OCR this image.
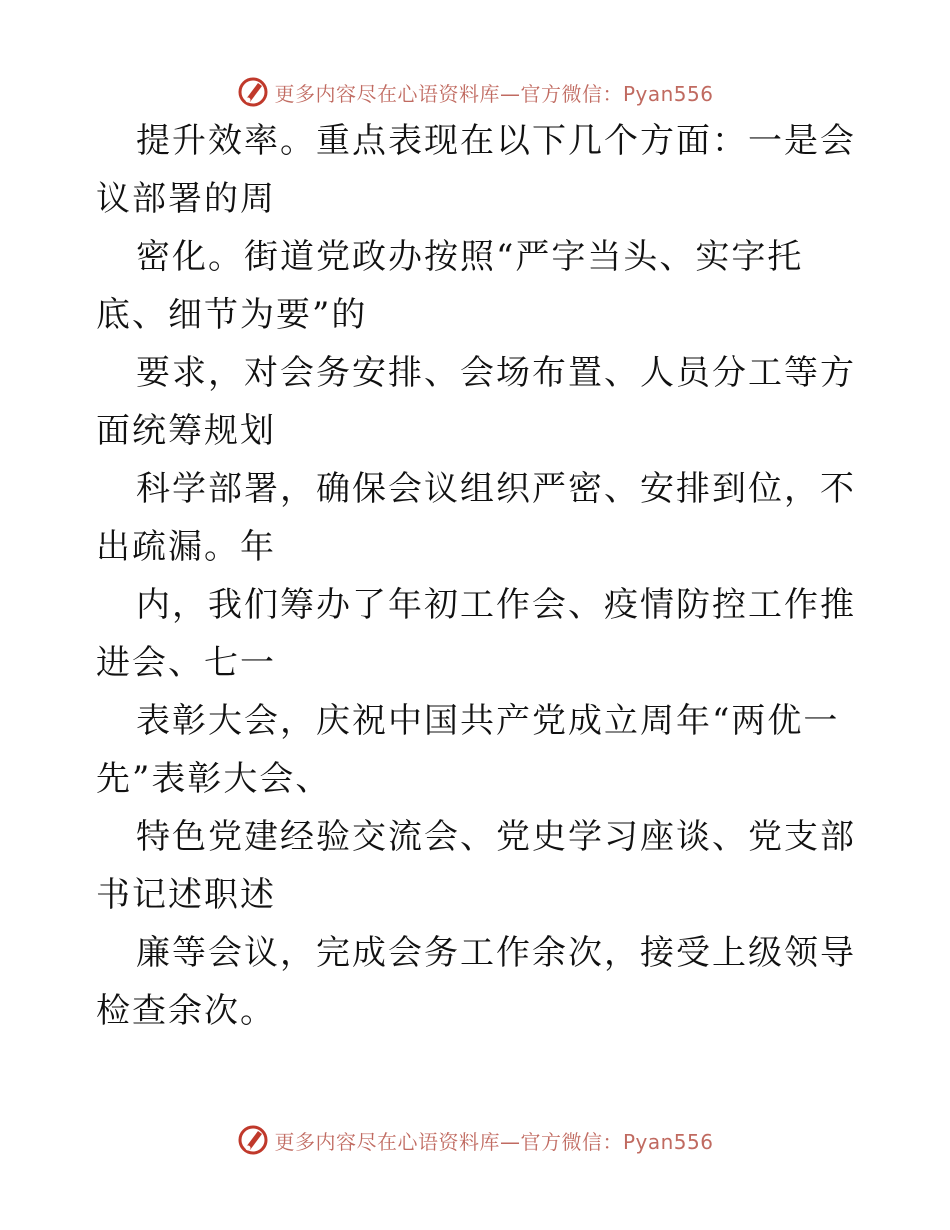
更多内容尽在心语资料库—官方微信：Pyan556

提升效率。重点表现在以下几个方面：一是会议部署的周

密化。街道党政办按照“严字当头、实字托底、细节为要”的

要求，对会务安排、会场布置、人员分工等方面统筹规划

科学部署，确保会议组织严密、安排到位，不出疏漏。年

内，我们筹办了年初工作会、疫情防控工作推进会、七一

表彰大会，庆祝中国共产党成立周年“两优一先”表彰大会、

特色党建经验交流会、党史学习座谈、党支部书记述职述

廉等会议，完成会务工作余次，接受上级领导检查余次。

更多内容尽在心语资料库—官方微信：Pyan556
